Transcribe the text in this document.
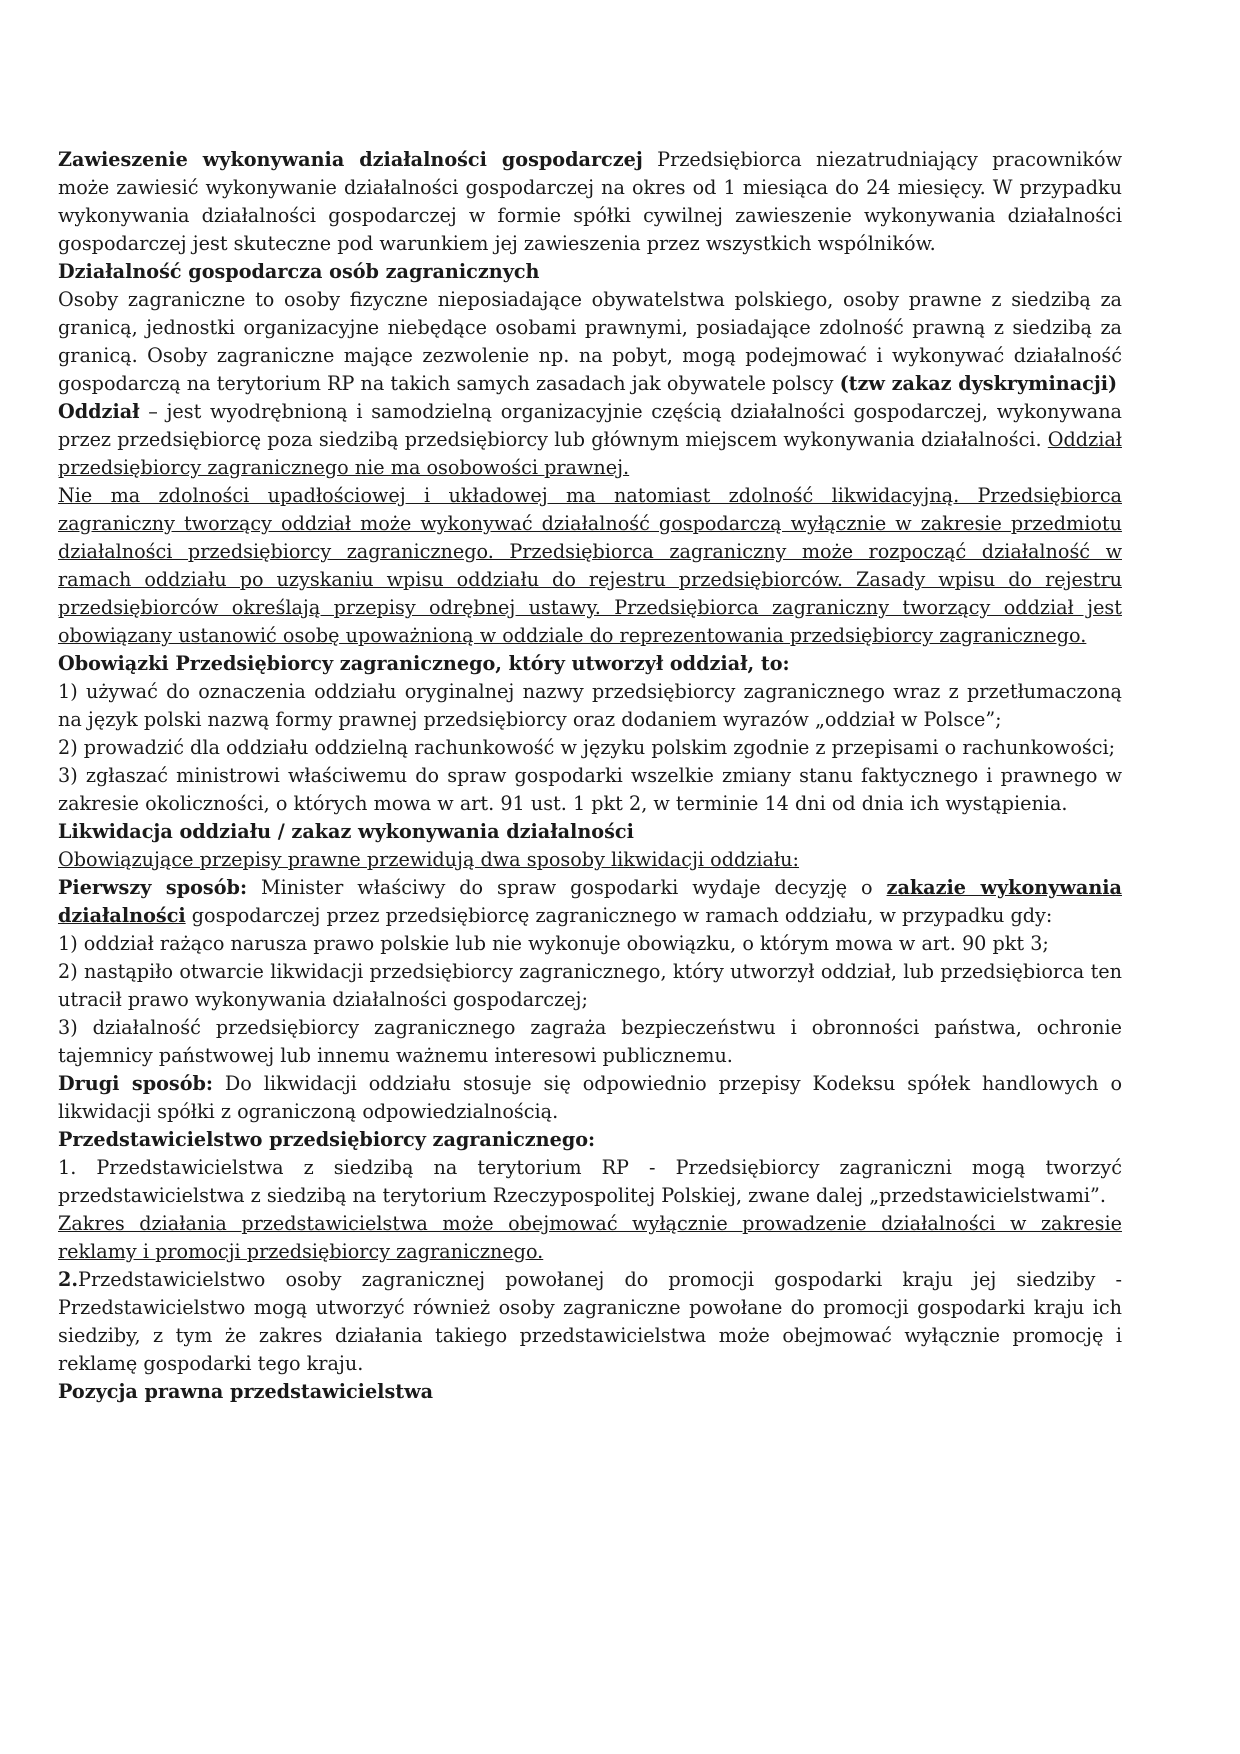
Zawieszenie wykonywania działalności gospodarczej Przedsiębiorca niezatrudniający pracowników może zawiesić wykonywanie działalności gospodarczej na okres od 1 miesiąca do 24 miesięcy. W przypadku wykonywania działalności gospodarczej w formie spółki cywilnej zawieszenie wykonywania działalności gospodarczej jest skuteczne pod warunkiem jej zawieszenia przez wszystkich wspólników.

Działalność gospodarcza osób zagranicznych

Osoby zagraniczne to osoby fizyczne nieposiadające obywatelstwa polskiego, osoby prawne z siedzibą za granicą, jednostki organizacyjne niebędące osobami prawnymi, posiadające zdolność prawną z siedzibą za granicą. Osoby zagraniczne mające zezwolenie np. na pobyt, mogą podejmować i wykonywać działalność gospodarczą na terytorium RP na takich samych zasadach jak obywatele polscy (tzw zakaz dyskryminacji)

Oddział – jest wyodrębnioną i samodzielną organizacyjnie częścią działalności gospodarczej, wykonywana przez przedsiębiorcę poza siedzibą przedsiębiorcy lub głównym miejscem wykonywania działalności. Oddział przedsiębiorcy zagranicznego nie ma osobowości prawnej.

Nie ma zdolności upadłościowej i układowej ma natomiast zdolność likwidacyjną. Przedsiębiorca zagraniczny tworzący oddział może wykonywać działalność gospodarczą wyłącznie w zakresie przedmiotu działalności przedsiębiorcy zagranicznego. Przedsiębiorca zagraniczny może rozpocząć działalność w ramach oddziału po uzyskaniu wpisu oddziału do rejestru przedsiębiorców. Zasady wpisu do rejestru przedsiębiorców określają przepisy odrębnej ustawy. Przedsiębiorca zagraniczny tworzący oddział jest obowiązany ustanowić osobę upoważnioną w oddziale do reprezentowania przedsiębiorcy zagranicznego.

Obowiązki Przedsiębiorcy zagranicznego, który utworzył oddział, to:

1) używać do oznaczenia oddziału oryginalnej nazwy przedsiębiorcy zagranicznego wraz z przetłumaczoną na język polski nazwą formy prawnej przedsiębiorcy oraz dodaniem wyrazów „oddział w Polsce”;

2) prowadzić dla oddziału oddzielną rachunkowość w języku polskim zgodnie z przepisami o rachunkowości;

3) zgłaszać ministrowi właściwemu do spraw gospodarki wszelkie zmiany stanu faktycznego i prawnego w zakresie okoliczności, o których mowa w art. 91 ust. 1 pkt 2, w terminie 14 dni od dnia ich wystąpienia.

Likwidacja oddziału / zakaz wykonywania działalności

Obowiązujące przepisy prawne przewidują dwa sposoby likwidacji oddziału:

Pierwszy sposób: Minister właściwy do spraw gospodarki wydaje decyzję o zakazie wykonywania działalności gospodarczej przez przedsiębiorcę zagranicznego w ramach oddziału, w przypadku gdy:

1) oddział rażąco narusza prawo polskie lub nie wykonuje obowiązku, o którym mowa w art. 90 pkt 3;

2) nastąpiło otwarcie likwidacji przedsiębiorcy zagranicznego, który utworzył oddział, lub przedsiębiorca ten utracił prawo wykonywania działalności gospodarczej;

3) działalność przedsiębiorcy zagranicznego zagraża bezpieczeństwu i obronności państwa, ochronie tajemnicy państwowej lub innemu ważnemu interesowi publicznemu.

Drugi sposób: Do likwidacji oddziału stosuje się odpowiednio przepisy Kodeksu spółek handlowych o likwidacji spółki z ograniczoną odpowiedzialnością.

Przedstawicielstwo przedsiębiorcy zagranicznego:

1. Przedstawicielstwa z siedzibą na terytorium RP - Przedsiębiorcy zagraniczni mogą tworzyć przedstawicielstwa z siedzibą na terytorium Rzeczypospolitej Polskiej, zwane dalej „przedstawicielstwami”.

Zakres działania przedstawicielstwa może obejmować wyłącznie prowadzenie działalności w zakresie reklamy i promocji przedsiębiorcy zagranicznego.

2.Przedstawicielstwo osoby zagranicznej powołanej do promocji gospodarki kraju jej siedziby - Przedstawicielstwo mogą utworzyć również osoby zagraniczne powołane do promocji gospodarki kraju ich siedziby, z tym że zakres działania takiego przedstawicielstwa może obejmować wyłącznie promocję i reklamę gospodarki tego kraju.

Pozycja prawna przedstawicielstwa
